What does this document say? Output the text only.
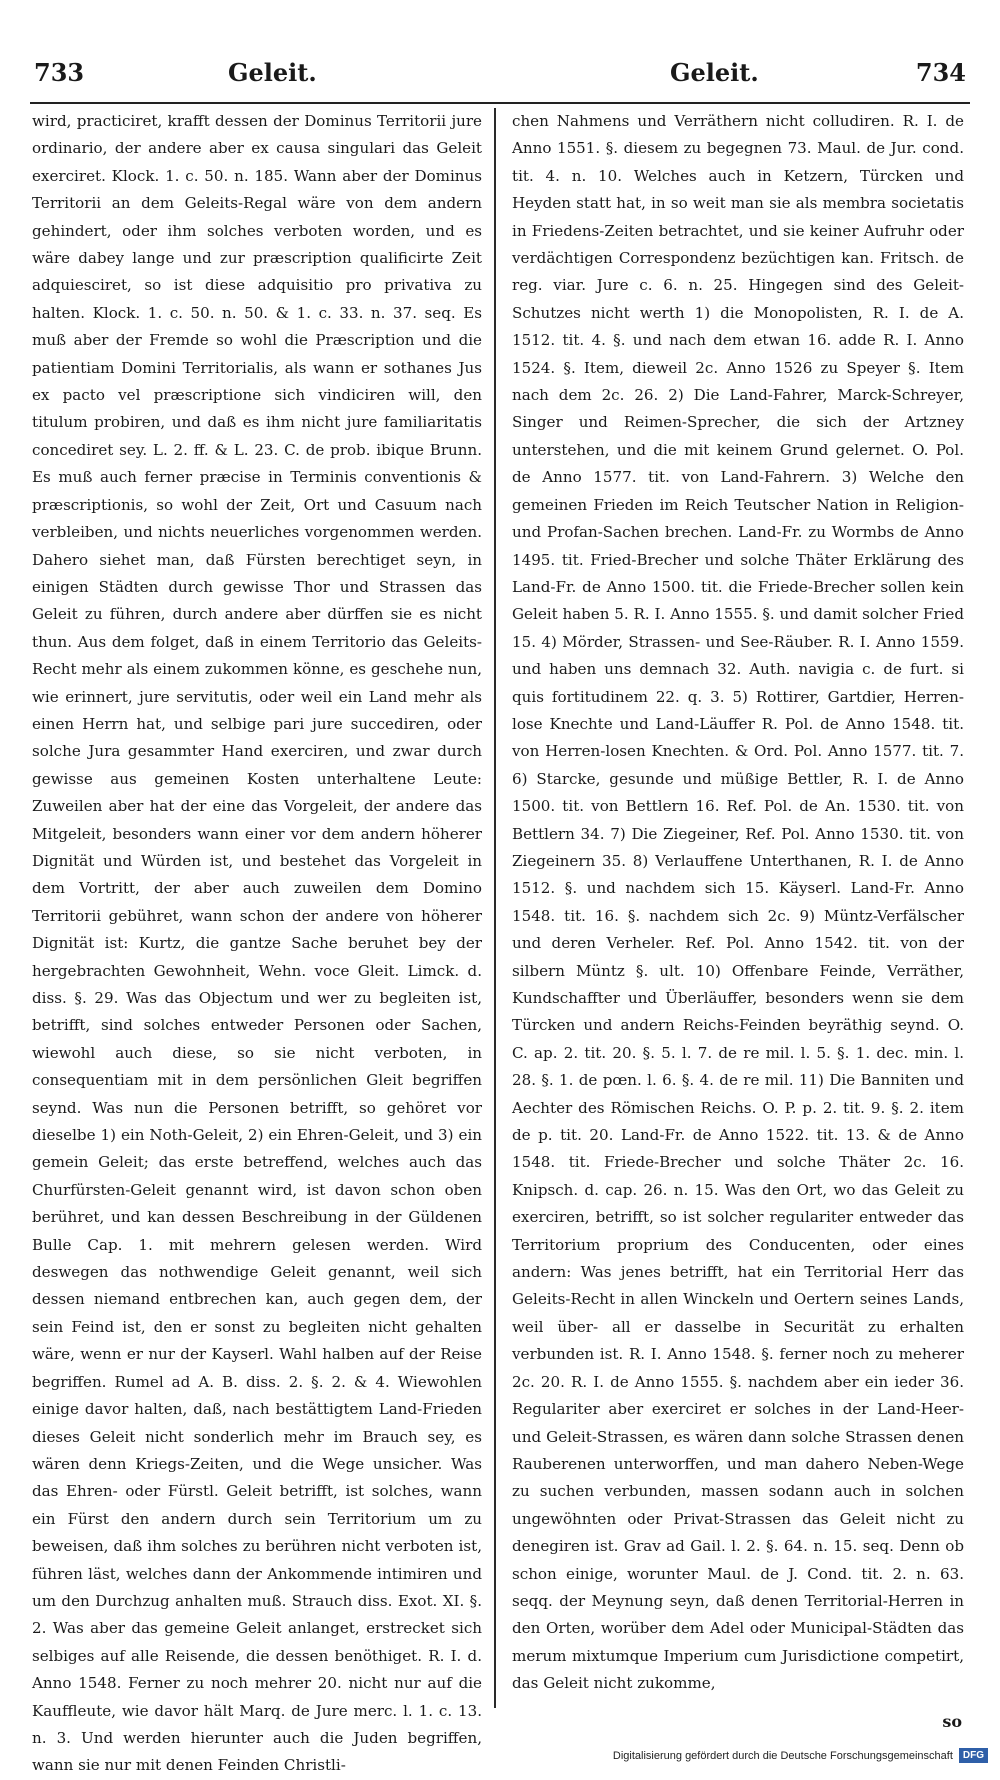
733	Geleit.	Geleit.	734
wird, practiciret, krafft dessen der Dominus Territorii jure ordinario, der andere aber ex causa singulari das Geleit exerciret. Klock. 1. c. 50. n. 185. Wann aber der Dominus Territorii an dem Geleits-Regal wäre von dem andern gehindert, oder ihm solches verboten worden, und es wäre dabey lange und zur præscription qualificirte Zeit adquiesciret, so ist diese adquisitio pro privativa zu halten. Klock. 1. c. 50. n. 50. & 1. c. 33. n. 37. seq. Es muß aber der Fremde so wohl die Præscription und die patientiam Domini Territorialis, als wann er sothanes Jus ex pacto vel præscriptione sich vindiciren will, den titulum probiren, und daß es ihm nicht jure familiaritatis concediret sey. L. 2. ff. & L. 23. C. de prob. ibique Brunn. Es muß auch ferner præcise in Terminis conventionis & præscriptionis, so wohl der Zeit, Ort und Casuum nach verbleiben, und nichts neuerliches vorgenommen werden. Dahero siehet man, daß Fürsten berechtiget seyn, in einigen Städten durch gewisse Thor und Strassen das Geleit zu führen, durch andere aber dürffen sie es nicht thun. Aus dem folget, daß in einem Territorio das Geleits-Recht mehr als einem zukommen könne, es geschehe nun, wie erinnert, jure servitutis, oder weil ein Land mehr als einen Herrn hat, und selbige pari jure succediren, oder solche Jura gesammter Hand exerciren, und zwar durch gewisse aus gemeinen Kosten unterhaltene Leute: Zuweilen aber hat der eine das Vorgeleit, der andere das Mitgeleit, besonders wann einer vor dem andern höherer Dignität und Würden ist, und bestehet das Vorgeleit in dem Vortritt, der aber auch zuweilen dem Domino Territorii gebühret, wann schon der andere von höherer Dignität ist: Kurtz, die gantze Sache beruhet bey der hergebrachten Gewohnheit, Wehn. voce Gleit. Limck. d. diss. §. 29. Was das Objectum und wer zu begleiten ist, betrifft, sind solches entweder Personen oder Sachen, wiewohl auch diese, so sie nicht verboten, in consequentiam mit in dem persönlichen Gleit begriffen seynd. Was nun die Personen betrifft, so gehöret vor dieselbe 1) ein Noth-Geleit, 2) ein Ehren-Geleit, und 3) ein gemein Geleit; das erste betreffend, welches auch das Churfürsten-Geleit genannt wird, ist davon schon oben berühret, und kan dessen Beschreibung in der Güldenen Bulle Cap. 1. mit mehrern gelesen werden. Wird deswegen das nothwendige Geleit genannt, weil sich dessen niemand entbrechen kan, auch gegen dem, der sein Feind ist, den er sonst zu begleiten nicht gehalten wäre, wenn er nur der Kayserl. Wahl halben auf der Reise begriffen. Rumel ad A. B. diss. 2. §. 2. & 4. Wiewohlen einige davor halten, daß, nach bestättigtem Land-Frieden dieses Geleit nicht sonderlich mehr im Brauch sey, es wären denn Kriegs-Zeiten, und die Wege unsicher. Was das Ehren- oder Fürstl. Geleit betrifft, ist solches, wann ein Fürst den andern durch sein Territorium um zu beweisen, daß ihm solches zu berühren nicht verboten ist, führen läst, welches dann der Ankommende intimiren und um den Durchzug anhalten muß. Strauch diss. Exot. XI. §. 2. Was aber das gemeine Geleit anlanget, erstrecket sich selbiges auf alle Reisende, die dessen benöthiget. R. I. d. Anno 1548. Ferner zu noch mehrer 20. nicht nur auf die Kauffleute, wie davor hält Marq. de Jure merc. l. 1. c. 13. n. 3. Und werden hierunter auch die Juden begriffen, wann sie nur mit denen Feinden Christli-
chen Nahmens und Verräthern nicht colludiren. R. I. de Anno 1551. §. diesem zu begegnen 73. Maul. de Jur. cond. tit. 4. n. 10. Welches auch in Ketzern, Türcken und Heyden statt hat, in so weit man sie als membra societatis in Friedens-Zeiten betrachtet, und sie keiner Aufruhr oder verdächtigen Correspondenz bezüchtigen kan. Fritsch. de reg. viar. Jure c. 6. n. 25. Hingegen sind des Geleit-Schutzes nicht werth 1) die Monopolisten, R. I. de A. 1512. tit. 4. §. und nach dem etwan 16. adde R. I. Anno 1524. §. Item, dieweil 2c. Anno 1526 zu Speyer §. Item nach dem 2c. 26. 2) Die Land-Fahrer, Marck-Schreyer, Singer und Reimen-Sprecher, die sich der Artzney unterstehen, und die mit keinem Grund gelernet. O. Pol. de Anno 1577. tit. von Land-Fahrern. 3) Welche den gemeinen Frieden im Reich Teutscher Nation in Religion- und Profan-Sachen brechen. Land-Fr. zu Wormbs de Anno 1495. tit. Fried-Brecher und solche Thäter Erklärung des Land-Fr. de Anno 1500. tit. die Friede-Brecher sollen kein Geleit haben 5. R. I. Anno 1555. §. und damit solcher Fried 15. 4) Mörder, Strassen- und See-Räuber. R. I. Anno 1559. und haben uns demnach 32. Auth. navigia c. de furt. si quis fortitudinem 22. q. 3. 5) Rottirer, Gartdier, Herren-lose Knechte und Land-Läuffer R. Pol. de Anno 1548. tit. von Herren-losen Knechten. & Ord. Pol. Anno 1577. tit. 7. 6) Starcke, gesunde und müßige Bettler, R. I. de Anno 1500. tit. von Bettlern 16. Ref. Pol. de An. 1530. tit. von Bettlern 34. 7) Die Ziegeiner, Ref. Pol. Anno 1530. tit. von Ziegeinern 35. 8) Verlauffene Unterthanen, R. I. de Anno 1512. §. und nachdem sich 15. Käyserl. Land-Fr. Anno 1548. tit. 16. §. nachdem sich 2c. 9) Müntz-Verfälscher und deren Verheler. Ref. Pol. Anno 1542. tit. von der silbern Müntz §. ult. 10) Offenbare Feinde, Verräther, Kundschaffter und Überläuffer, besonders wenn sie dem Türcken und andern Reichs-Feinden beyräthig seynd. O. C. ap. 2. tit. 20. §. 5. l. 7. de re mil. l. 5. §. 1. dec. min. l. 28. §. 1. de pœn. l. 6. §. 4. de re mil. 11) Die Banniten und Aechter des Römischen Reichs. O. P. p. 2. tit. 9. §. 2. item de p. tit. 20. Land-Fr. de Anno 1522. tit. 13. & de Anno 1548. tit. Friede-Brecher und solche Thäter 2c. 16. Knipsch. d. cap. 26. n. 15. Was den Ort, wo das Geleit zu exerciren, betrifft, so ist solcher regulariter entweder das Territorium proprium des Conducenten, oder eines andern: Was jenes betrifft, hat ein Territorial Herr das Geleits-Recht in allen Winckeln und Oertern seines Lands, weil über- all er dasselbe in Securität zu erhalten verbunden ist. R. I. Anno 1548. §. ferner noch zu meherer 2c. 20. R. I. de Anno 1555. §. nachdem aber ein ieder 36. Regulariter aber exerciret er solches in der Land-Heer- und Geleit-Strassen, es wären dann solche Strassen denen Rauberenen unterworffen, und man dahero Neben-Wege zu suchen verbunden, massen sodann auch in solchen ungewöhnten oder Privat-Strassen das Geleit nicht zu denegiren ist. Grav ad Gail. l. 2. §. 64. n. 15. seq. Denn ob schon einige, worunter Maul. de J. Cond. tit. 2. n. 63. seqq. der Meynung seyn, daß denen Territorial-Herren in den Orten, worüber dem Adel oder Municipal-Städten das merum mixtumque Imperium cum Jurisdictione competirt, das Geleit nicht zukomme,
so
Digitalisierung gefördert durch die Deutsche Forschungsgemeinschaft	DFG
